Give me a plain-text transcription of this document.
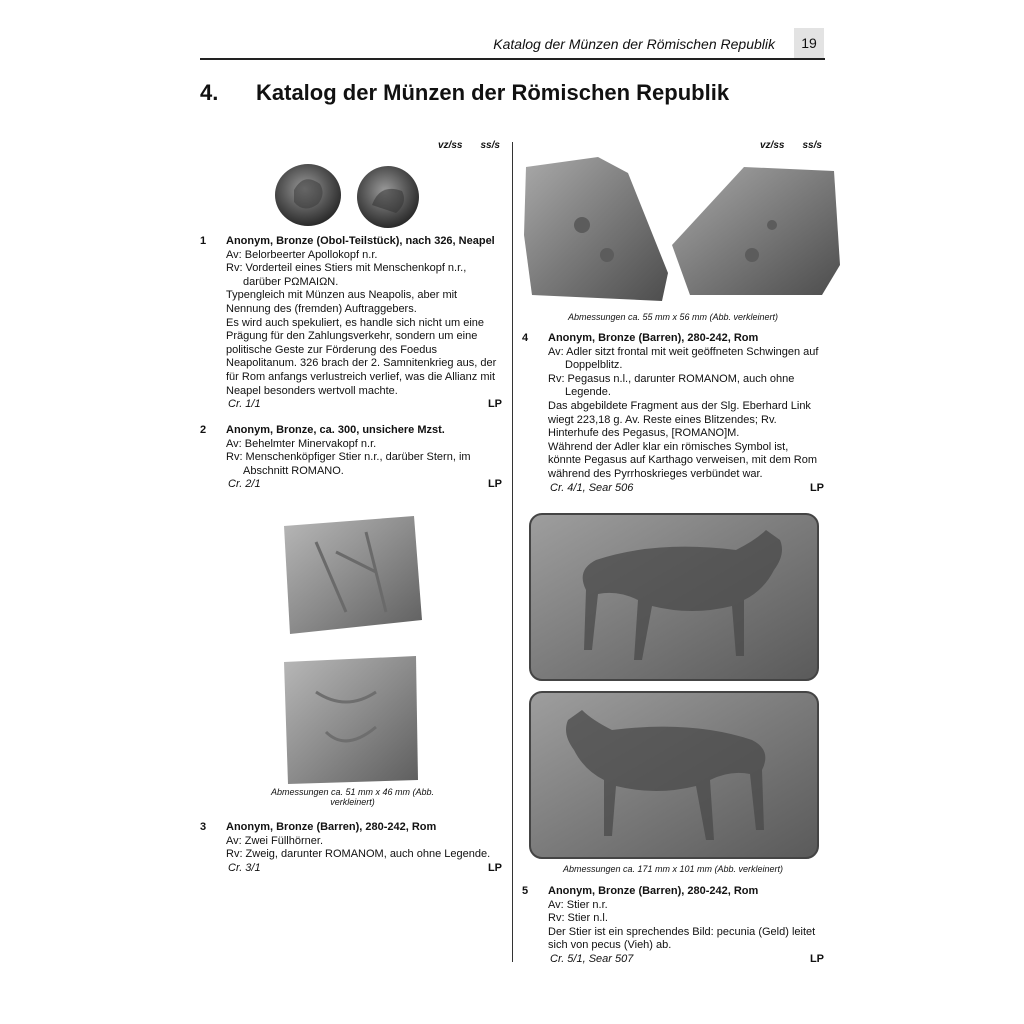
Katalog der Münzen der Römischen Republik	19
4. Katalog der Münzen der Römischen Republik
vz/ss ss/s	vz/ss ss/s
1 Anonym, Bronze (Obol-Teilstück), nach 326, Neapel
Av: Belorbeerter Apollokopf n.r.
Rv: Vorderteil eines Stiers mit Menschenkopf n.r., darüber ΡΩΜΑΙΩΝ.
Typengleich mit Münzen aus Neapolis, aber mit Nennung des (fremden) Auftraggebers.
Es wird auch spekuliert, es handle sich nicht um eine Prägung für den Zahlungsverkehr, sondern um eine politische Geste zur Förderung des Foedus Neapolitanum. 326 brach der 2. Samnitenkrieg aus, der für Rom anfangs verlustreich verlief, was die Allianz mit Neapel besonders wertvoll machte.
Cr. 1/1	LP
2 Anonym, Bronze, ca. 300, unsichere Mzst.
Av: Behelmter Minervakopf n.r.
Rv: Menschenköpfiger Stier n.r., darüber Stern, im Abschnitt ROMANO.
Cr. 2/1	LP
Abmessungen ca. 51 mm x 46 mm (Abb. verkleinert)
3 Anonym, Bronze (Barren), 280-242, Rom
Av: Zwei Füllhörner.
Rv: Zweig, darunter ROMANOM, auch ohne Legende.
Cr. 3/1	LP
Abmessungen ca. 55 mm x 56 mm (Abb. verkleinert)
4 Anonym, Bronze (Barren), 280-242, Rom
Av: Adler sitzt frontal mit weit geöffneten Schwingen auf Doppelblitz.
Rv: Pegasus n.l., darunter ROMANOM, auch ohne Legende.
Das abgebildete Fragment aus der Slg. Eberhard Link wiegt 223,18 g. Av. Reste eines Blitzendes; Rv. Hinterhufe des Pegasus, [ROMANO]M.
Während der Adler klar ein römisches Symbol ist, könnte Pegasus auf Karthago verweisen, mit dem Rom während des Pyrrhoskrieges verbündet war.
Cr. 4/1, Sear 506	LP
Abmessungen ca. 171 mm x 101 mm (Abb. verkleinert)
5 Anonym, Bronze (Barren), 280-242, Rom
Av: Stier n.r.
Rv: Stier n.l.
Der Stier ist ein sprechendes Bild: pecunia (Geld) leitet sich von pecus (Vieh) ab.
Cr. 5/1, Sear 507	LP
